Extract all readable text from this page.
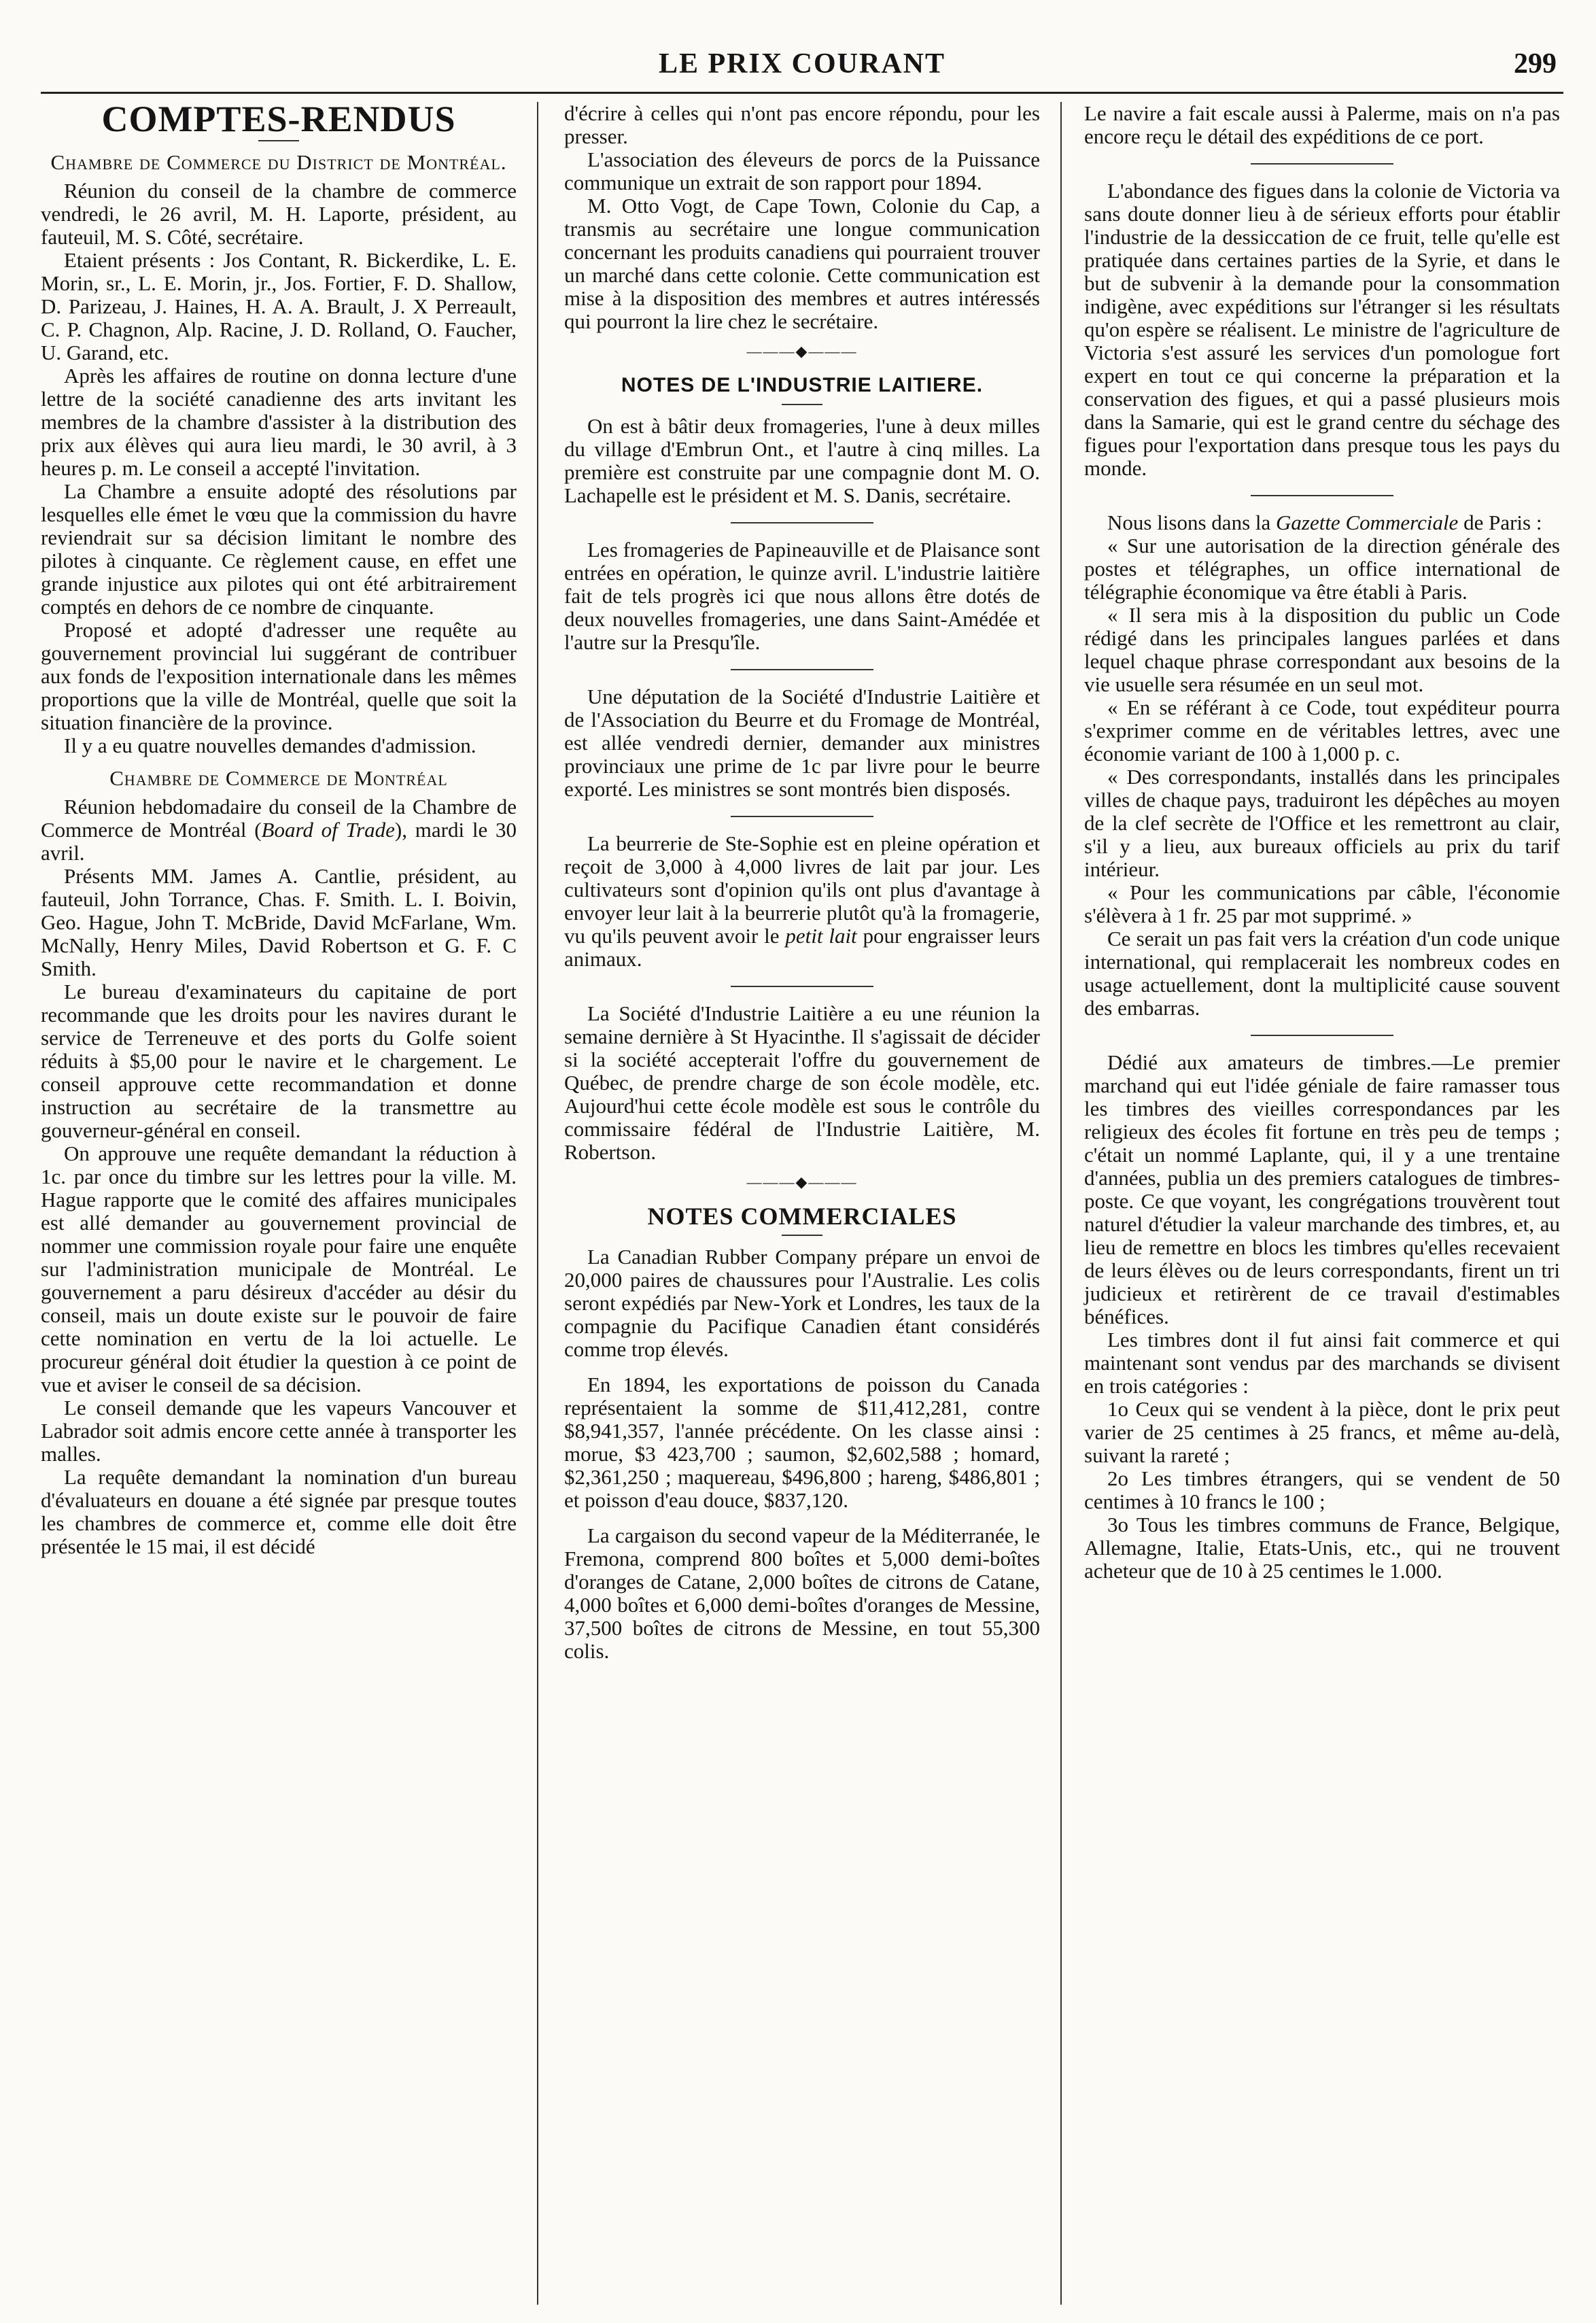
LE PRIX COURANT	299

COMPTES-RENDUS

Chambre de Commerce du District de Montréal.

Réunion du conseil de la chambre de commerce vendredi, le 26 avril, M. H. Laporte, président, au fauteuil, M. S. Côté, secrétaire.

Etaient présents : Jos Contant, R. Bickerdike, L. E. Morin, sr., L. E. Morin, jr., Jos. Fortier, F. D. Shallow, D. Parizeau, J. Haines, H. A. A. Brault, J. X Perreault, C. P. Chagnon, Alp. Racine, J. D. Rolland, O. Faucher, U. Garand, etc.

Après les affaires de routine on donna lecture d'une lettre de la société canadienne des arts invitant les membres de la chambre d'assister à la distribution des prix aux élèves qui aura lieu mardi, le 30 avril, à 3 heures p. m. Le conseil a accepté l'invitation.

La Chambre a ensuite adopté des résolutions par lesquelles elle émet le vœu que la commission du havre reviendrait sur sa décision limitant le nombre des pilotes à cinquante. Ce règlement cause, en effet une grande injustice aux pilotes qui ont été arbitrairement comptés en dehors de ce nombre de cinquante.

Proposé et adopté d'adresser une requête au gouvernement provincial lui suggérant de contribuer aux fonds de l'exposition internationale dans les mêmes proportions que la ville de Montréal, quelle que soit la situation financière de la province.

Il y a eu quatre nouvelles demandes d'admission.

Chambre de Commerce de Montréal

Réunion hebdomadaire du conseil de la Chambre de Commerce de Montréal (Board of Trade), mardi le 30 avril.

Présents MM. James A. Cantlie, président, au fauteuil, John Torrance, Chas. F. Smith. L. I. Boivin, Geo. Hague, John T. McBride, David McFarlane, Wm. McNally, Henry Miles, David Robertson et G. F. C Smith.

Le bureau d'examinateurs du capitaine de port recommande que les droits pour les navires durant le service de Terreneuve et des ports du Golfe soient réduits à $5,00 pour le navire et le chargement. Le conseil approuve cette recommandation et donne instruction au secrétaire de la transmettre au gouverneur-général en conseil.

On approuve une requête demandant la réduction à 1c. par once du timbre sur les lettres pour la ville. M. Hague rapporte que le comité des affaires municipales est allé demander au gouvernement provincial de nommer une commission royale pour faire une enquête sur l'administration municipale de Montréal. Le gouvernement a paru désireux d'accéder au désir du conseil, mais un doute existe sur le pouvoir de faire cette nomination en vertu de la loi actuelle. Le procureur général doit étudier la question à ce point de vue et aviser le conseil de sa décision.

Le conseil demande que les vapeurs Vancouver et Labrador soit admis encore cette année à transporter les malles.

La requête demandant la nomination d'un bureau d'évaluateurs en douane a été signée par presque toutes les chambres de commerce et, comme elle doit être présentée le 15 mai, il est décidé

d'écrire à celles qui n'ont pas encore répondu, pour les presser.

L'association des éleveurs de porcs de la Puissance communique un extrait de son rapport pour 1894.

M. Otto Vogt, de Cape Town, Colonie du Cap, a transmis au secrétaire une longue communication concernant les produits canadiens qui pourraient trouver un marché dans cette colonie. Cette communication est mise à la disposition des membres et autres intéressés qui pourront la lire chez le secrétaire.

———◆———

NOTES DE L'INDUSTRIE LAITIERE.

On est à bâtir deux fromageries, l'une à deux milles du village d'Embrun Ont., et l'autre à cinq milles. La première est construite par une compagnie dont M. O. Lachapelle est le président et M. S. Danis, secrétaire.

Les fromageries de Papineauville et de Plaisance sont entrées en opération, le quinze avril. L'industrie laitière fait de tels progrès ici que nous allons être dotés de deux nouvelles fromageries, une dans Saint-Amédée et l'autre sur la Presqu'île.

Une députation de la Société d'Industrie Laitière et de l'Association du Beurre et du Fromage de Montréal, est allée vendredi dernier, demander aux ministres provinciaux une prime de 1c par livre pour le beurre exporté. Les ministres se sont montrés bien disposés.

La beurrerie de Ste-Sophie est en pleine opération et reçoit de 3,000 à 4,000 livres de lait par jour. Les cultivateurs sont d'opinion qu'ils ont plus d'avantage à envoyer leur lait à la beurrerie plutôt qu'à la fromagerie, vu qu'ils peuvent avoir le petit lait pour engraisser leurs animaux.

La Société d'Industrie Laitière a eu une réunion la semaine dernière à St Hyacinthe. Il s'agissait de décider si la société accepterait l'offre du gouvernement de Québec, de prendre charge de son école modèle, etc. Aujourd'hui cette école modèle est sous le contrôle du commissaire fédéral de l'Industrie Laitière, M. Robertson.

———◆———

NOTES COMMERCIALES

La Canadian Rubber Company prépare un envoi de 20,000 paires de chaussures pour l'Australie. Les colis seront expédiés par New-York et Londres, les taux de la compagnie du Pacifique Canadien étant considérés comme trop élevés.

En 1894, les exportations de poisson du Canada représentaient la somme de $11,412,281, contre $8,941,357, l'année précédente. On les classe ainsi : morue, $3 423,700 ; saumon, $2,602,588 ; homard, $2,361,250 ; maquereau, $496,800 ; hareng, $486,801 ; et poisson d'eau douce, $837,120.

La cargaison du second vapeur de la Méditerranée, le Fremona, comprend 800 boîtes et 5,000 demi-boîtes d'oranges de Catane, 2,000 boîtes de citrons de Catane, 4,000 boîtes et 6,000 demi-boîtes d'oranges de Messine, 37,500 boîtes de citrons de Messine, en tout 55,300 colis.

Le navire a fait escale aussi à Palerme, mais on n'a pas encore reçu le détail des expéditions de ce port.

L'abondance des figues dans la colonie de Victoria va sans doute donner lieu à de sérieux efforts pour établir l'industrie de la dessiccation de ce fruit, telle qu'elle est pratiquée dans certaines parties de la Syrie, et dans le but de subvenir à la demande pour la consommation indigène, avec expéditions sur l'étranger si les résultats qu'on espère se réalisent. Le ministre de l'agriculture de Victoria s'est assuré les services d'un pomologue fort expert en tout ce qui concerne la préparation et la conservation des figues, et qui a passé plusieurs mois dans la Samarie, qui est le grand centre du séchage des figues pour l'exportation dans presque tous les pays du monde.

Nous lisons dans la Gazette Commerciale de Paris :

« Sur une autorisation de la direction générale des postes et télégraphes, un office international de télégraphie économique va être établi à Paris.

« Il sera mis à la disposition du public un Code rédigé dans les principales langues parlées et dans lequel chaque phrase correspondant aux besoins de la vie usuelle sera résumée en un seul mot.

« En se référant à ce Code, tout expéditeur pourra s'exprimer comme en de véritables lettres, avec une économie variant de 100 à 1,000 p. c.

« Des correspondants, installés dans les principales villes de chaque pays, traduiront les dépêches au moyen de la clef secrète de l'Office et les remettront au clair, s'il y a lieu, aux bureaux officiels au prix du tarif intérieur.

« Pour les communications par câble, l'économie s'élèvera à 1 fr. 25 par mot supprimé. »

Ce serait un pas fait vers la création d'un code unique international, qui remplacerait les nombreux codes en usage actuellement, dont la multiplicité cause souvent des embarras.

Dédié aux amateurs de timbres.—Le premier marchand qui eut l'idée géniale de faire ramasser tous les timbres des vieilles correspondances par les religieux des écoles fit fortune en très peu de temps ; c'était un nommé Laplante, qui, il y a une trentaine d'années, publia un des premiers catalogues de timbres-poste. Ce que voyant, les congrégations trouvèrent tout naturel d'étudier la valeur marchande des timbres, et, au lieu de remettre en blocs les timbres qu'elles recevaient de leurs élèves ou de leurs correspondants, firent un tri judicieux et retirèrent de ce travail d'estimables bénéfices.

Les timbres dont il fut ainsi fait commerce et qui maintenant sont vendus par des marchands se divisent en trois catégories :

1o Ceux qui se vendent à la pièce, dont le prix peut varier de 25 centimes à 25 francs, et même au-delà, suivant la rareté ;

2o Les timbres étrangers, qui se vendent de 50 centimes à 10 francs le 100 ;

3o Tous les timbres communs de France, Belgique, Allemagne, Italie, Etats-Unis, etc., qui ne trouvent acheteur que de 10 à 25 centimes le 1.000.
